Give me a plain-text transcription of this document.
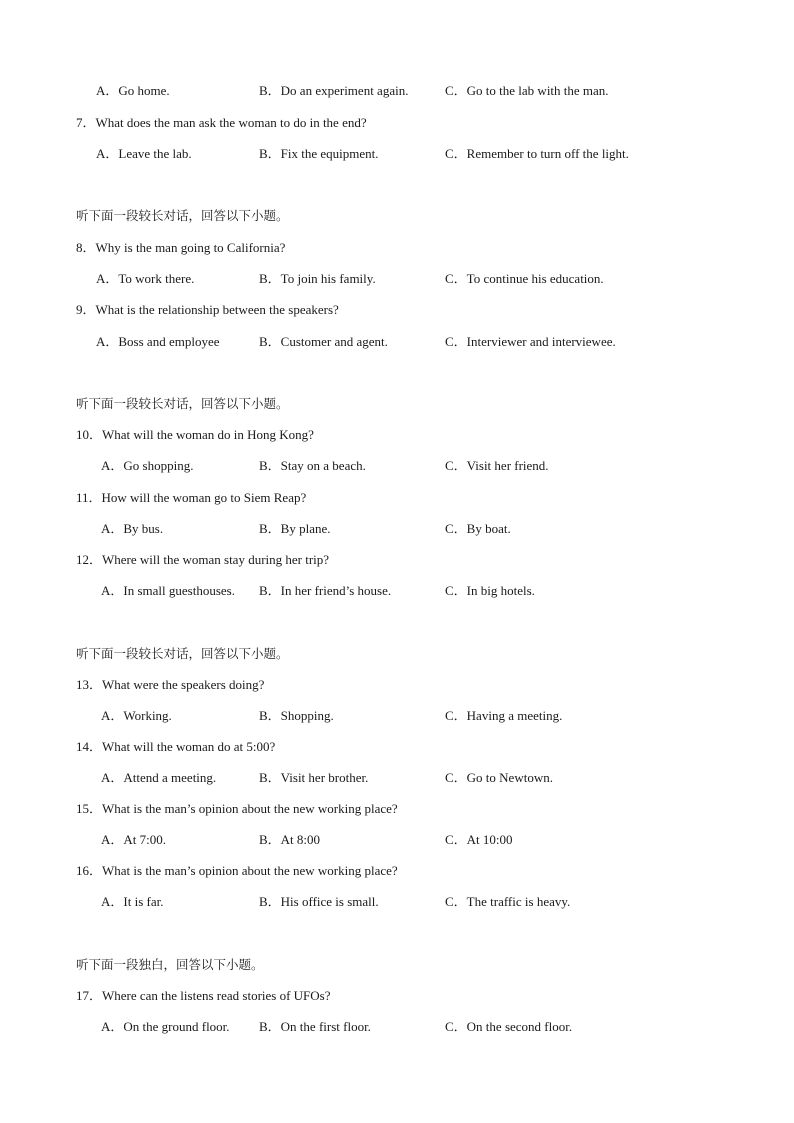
A．Go home.	B．Do an experiment again.	C．Go to the lab with the man.
7．What does the man ask the woman to do in the end?
A．Leave the lab.	B．Fix the equipment.	C．Remember to turn off the light.
听下面一段较长对话，回答以下小题。
8．Why is the man going to California?
A．To work there.	B．To join his family.	C．To continue his education.
9．What is the relationship between the speakers?
A．Boss and employee	B．Customer and agent.	C．Interviewer and interviewee.
听下面一段较长对话，回答以下小题。
10．What will the woman do in Hong Kong?
A．Go shopping.	B．Stay on a beach.	C．Visit her friend.
11．How will the woman go to Siem Reap?
A．By bus.	B．By plane.	C．By boat.
12．Where will the woman stay during her trip?
A．In small guesthouses. B．In her friend’s house.	C．In big hotels.
听下面一段较长对话，回答以下小题。
13．What were the speakers doing?
A．Working.	B．Shopping.	C．Having a meeting.
14．What will the woman do at 5:00?
A．Attend a meeting.	B．Visit her brother.	C．Go to Newtown.
15．What is the man’s opinion about the new working place?
A．At 7:00.	B．At 8:00	C．At 10:00
16．What is the man’s opinion about the new working place?
A．It is far.	B．His office is small.	C．The traffic is heavy.
听下面一段独白，回答以下小题。
17．Where can the listens read stories of UFOs?
A．On the ground floor. B．On the first floor.	C．On the second floor.
